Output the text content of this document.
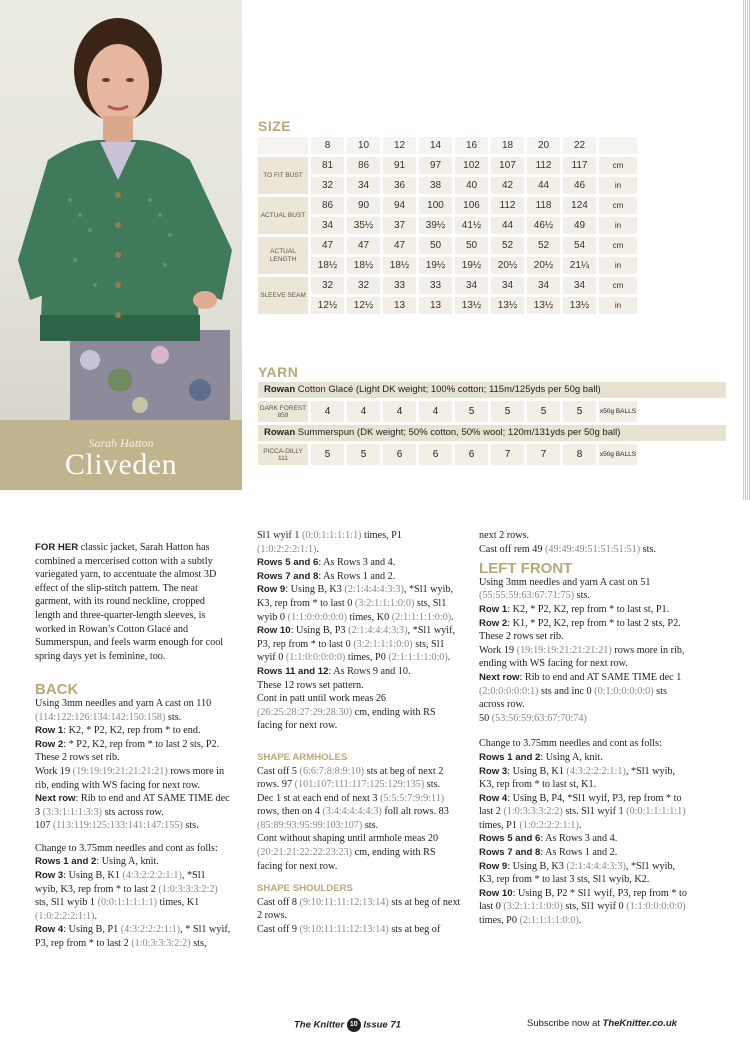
Sarah Hatton
Cliveden
SIZE
	8	10	12	14	16	18	20	22	
TO FIT BUST	81	86	91	97	102	107	112	117	cm
	32	34	36	38	40	42	44	46	in
ACTUAL BUST	86	90	94	100	106	112	118	124	cm
	34	35½	37	39½	41½	44	46½	49	in
ACTUAL LENGTH	47	47	47	50	50	52	52	54	cm
	18½	18½	18½	19½	19½	20½	20½	21¼	in
SLEEVE SEAM	32	32	33	33	34	34	34	34	cm
	12½	12½	13	13	13½	13½	13½	13½	in
YARN
Rowan Cotton Glacé (Light DK weight; 100% cotton; 115m/125yds per 50g ball)
DARK FOREST 859	4	4	4	4	5	5	5	5	x50g BALLS
Rowan Summerspun (DK weight; 50% cotton, 50% wool; 120m/131yds per 50g ball)
PICCA-DILLY 111	5	5	6	6	6	7	7	8	x50g BALLS

FOR HER classic jacket, Sarah Hatton has combined a mercerised cotton with a subtly variegated yarn, to accentuate the almost 3D effect of the slip-stitch pattern. The neat garment, with its round neckline, cropped length and three-quarter-length sleeves, is worked in Rowan’s Cotton Glacé and Summerspun, and feels warm enough for cool spring days yet is feminine, too.

BACK

Using 3mm needles and yarn A cast on 110 (114:122:126:134:142:150:158) sts.
Row 1: K2, * P2, K2, rep from * to end.
Row 2: * P2, K2, rep from * to last 2 sts, P2.
These 2 rows set rib.
Work 19 (19:19:19:21:21:21:21) rows more in rib, ending with WS facing for next row.
Next row: Rib to end and AT SAME TIME dec 3 (3:3:1:1:1:3:3) sts across row.
107 (113:119:125:133:141:147:155) sts.

Change to 3.75mm needles and cont as folls:
Rows 1 and 2: Using A, knit.
Row 3: Using B, K1 (4:3:2:2:2:1:1), *Sl1 wyib, K3, rep from * to last 2 (1:0:3:3:3:2:2) sts, Sl1 wyib 1 (0:0:1:1:1:1:1) times, K1 (1:0:2:2:2:1:1).
Row 4: Using B, P1 (4:3:2:2:2:1:1), * Sl1 wyif, P3, rep from * to last 2 (1:0:3:3:3:2:2) sts,

Sl1 wyif 1 (0:0:1:1:1:1:1) times, P1 (1:0:2:2:2:1:1).
Rows 5 and 6: As Rows 3 and 4.
Rows 7 and 8: As Rows 1 and 2.
Row 9: Using B, K3 (2:1:4:4:4:3:3), *Sl1 wyib, K3, rep from * to last 0 (3:2:1:1:1:0:0) sts, Sl1 wyib 0 (1:1:0:0:0:0:0) times, K0 (2:1:1:1:1:0:0).
Row 10: Using B, P3 (2:1:4:4:4:3:3), *Sl1 wyif, P3, rep from * to last 0 (3:2:1:1:1:0:0) sts, Sl1 wyif 0 (1:1:0:0:0:0:0) times, P0 (2:1:1:1:1:0:0).
Rows 11 and 12: As Rows 9 and 10.
These 12 rows set pattern.
Cont in patt until work meas 26 (26:25:28:27:29:28:30) cm, ending with RS facing for next row.

SHAPE ARMHOLES

Cast off 5 (6:6:7:8:8:9:10) sts at beg of next 2 rows. 97 (101:107:111:117:125:129:135) sts.
Dec 1 st at each end of next 3 (5:5:5:7:9:9:11) rows, then on 4 (3:4:4:4:4:4:3) foll alt rows. 83 (85:89:93:95:99:103:107) sts.
Cont without shaping until armhole meas 20 (20:21:21:22:22:23:23) cm, ending with RS facing for next row.

SHAPE SHOULDERS

Cast off 8 (9:10:11:11:12:13:14) sts at beg of next 2 rows.
Cast off 9 (9:10:11:11:12:13:14) sts at beg of

next 2 rows.
Cast off rem 49 (49:49:49:51:51:51:51) sts.

LEFT FRONT

Using 3mm needles and yarn A cast on 51 (55:55:59:63:67:71:75) sts.
Row 1: K2, * P2, K2, rep from * to last st, P1.
Row 2: K1, * P2, K2, rep from * to last 2 sts, P2.
These 2 rows set rib.
Work 19 (19:19:19:21:21:21:21) rows more in rib, ending with WS facing for next row.
Next row: Rib to end and AT SAME TIME dec 1 (2:0:0:0:0:0:1) sts and inc 0 (0:1:0:0:0:0:0) sts across row.
50 (53:56:59:63:67:70:74)

Change to 3.75mm needles and cont as folls:
Rows 1 and 2: Using A, knit.
Row 3: Using B, K1 (4:3:2:2:2:1:1), *Sl1 wyib, K3, rep from * to last st, K1.
Row 4: Using B, P4, *Sl1 wyif, P3, rep from * to last 2 (1:0:3:3:3:2:2) sts. Sl1 wyif 1 (0:0:1:1:1:1:1) times, P1 (1:0:2:2:2:1:1).
Rows 5 and 6: As Rows 3 and 4.
Rows 7 and 8: As Rows 1 and 2.
Row 9: Using B, K3 (2:1:4:4:4:3:3), *Sl1 wyib, K3, rep from * to last 3 sts, Sl1 wyib, K2.
Row 10: Using B, P2 * Sl1 wyif, P3, rep from * to last 0 (3:2:1:1:1:0:0) sts, Sl1 wyif 0 (1:1:0:0:0:0:0) times, P0 (2:1:1:1:1:0:0).

The Knitter 10 Issue 71	Subscribe now at TheKnitter.co.uk
